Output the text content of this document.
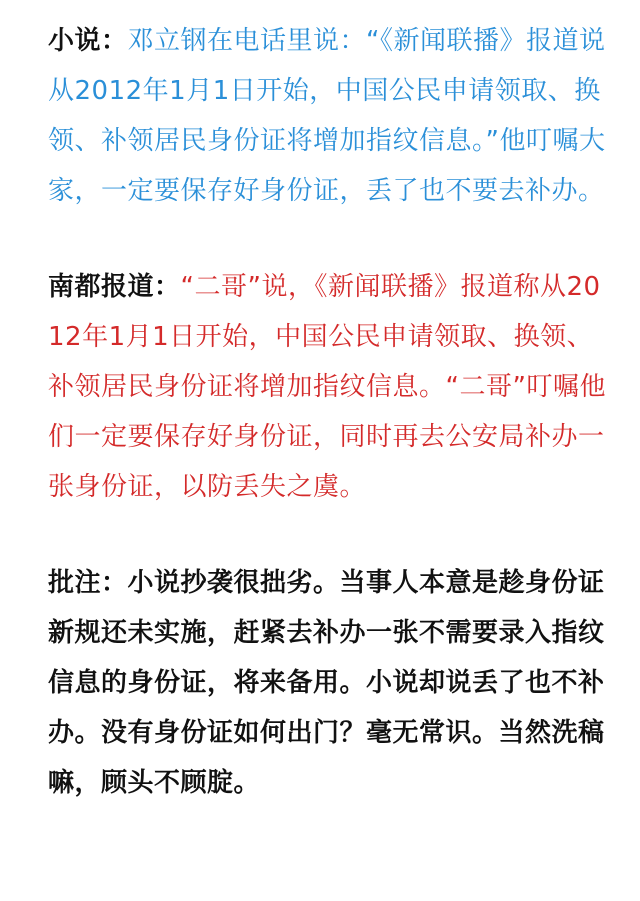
小说：邓立钢在电话里说：“《新闻联播》报道说从2012年1月1日开始，中国公民申请领取、换领、补领居民身份证将增加指纹信息。”他叮嘱大家，一定要保存好身份证，丢了也不要去补办。

南都报道：“二哥”说，《新闻联播》报道称从2012年1月1日开始，中国公民申请领取、换领、补领居民身份证将增加指纹信息。“二哥”叮嘱他们一定要保存好身份证，同时再去公安局补办一张身份证，以防丢失之虞。

批注：小说抄袭很拙劣。当事人本意是趁身份证新规还未实施，赶紧去补办一张不需要录入指纹信息的身份证，将来备用。小说却说丢了也不补办。没有身份证如何出门？毫无常识。当然洗稿嘛，顾头不顾腚。
